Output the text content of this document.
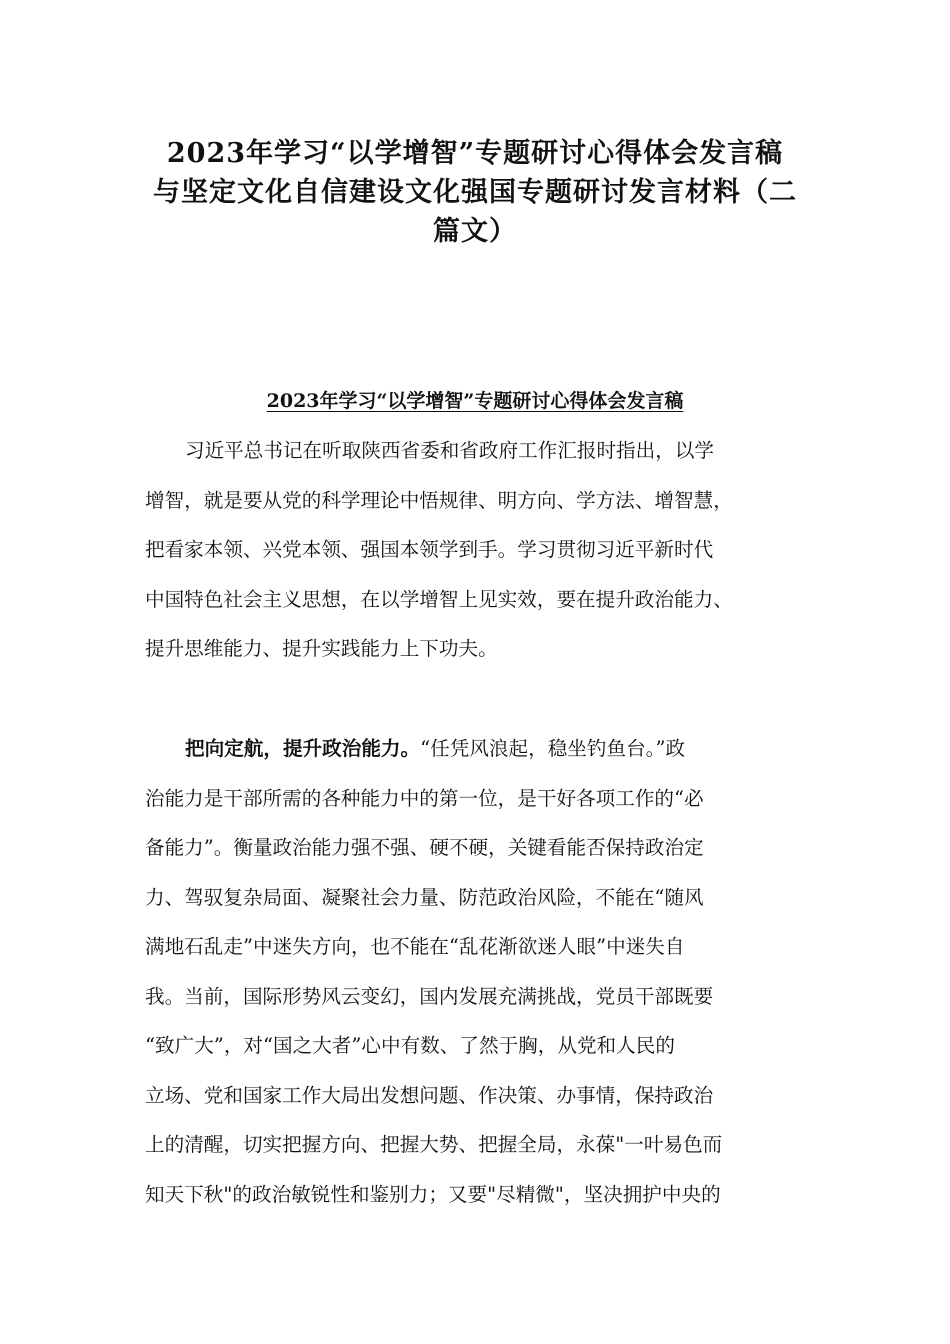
2023年学习“以学增智”专题研讨心得体会发言稿
与坚定文化自信建设文化强国专题研讨发言材料（二
篇文）
2023年学习“以学增智”专题研讨心得体会发言稿
习近平总书记在听取陕西省委和省政府工作汇报时指出，以学
增智，就是要从党的科学理论中悟规律、明方向、学方法、增智慧，
把看家本领、兴党本领、强国本领学到手。学习贯彻习近平新时代
中国特色社会主义思想，在以学增智上见实效，要在提升政治能力、
提升思维能力、提升实践能力上下功夫。
把向定航，提升政治能力。“任凭风浪起，稳坐钓鱼台。”政
治能力是干部所需的各种能力中的第一位，是干好各项工作的“必
备能力”。衡量政治能力强不强、硬不硬，关键看能否保持政治定
力、驾驭复杂局面、凝聚社会力量、防范政治风险，不能在“随风
满地石乱走”中迷失方向，也不能在“乱花渐欲迷人眼”中迷失自
我。当前，国际形势风云变幻，国内发展充满挑战，党员干部既要
“致广大”，对“国之大者”心中有数、了然于胸，从党和人民的
立场、党和国家工作大局出发想问题、作决策、办事情，保持政治
上的清醒，切实把握方向、把握大势、把握全局，永葆"一叶易色而
知天下秋"的政治敏锐性和鉴别力；又要"尽精微"，坚决拥护中央的
